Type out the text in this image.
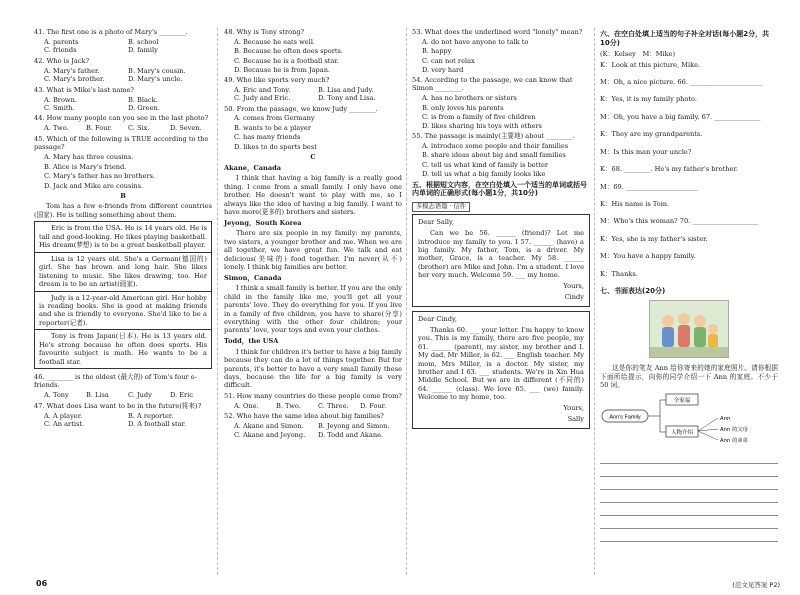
41. The first one is a photo of Mary's ________.

A. parents	B. school
C. friends	D. family

42. Who is Jack?

A. Mary's father.	B. Mary's cousin.
C. Mary's brother.	D. Mary's uncle.

43. What is Mike's last name?

A. Brown.	B. Black.
C. Smith.	D. Green.

44. How many people can you see in the last photo?

A. Two.	B. Four.	C. Six.	D. Seven.

45. Which of the following is TRUE according to the passage?

A. Mary has three cousins.
B. Alice is Mary's friend.
C. Mary's father has no brothers.
D. Jack and Mike are cousins.
B

Tom has a few e-friends from different countries (国家). He is telling something about them.

Eric is from the USA. He is 14 years old. He is tall and good-looking. He likes playing basketball. His dream(梦想) is to be a great basketball player.
Lisa is 12 years old. She's a German(德国的) girl. She has brown and long hair. She likes listening to music. She likes drawing, too. Her dream is to be an artist(画家).
Judy is a 12-year-old American girl. Her hobby is reading books. She is good at making friends and she is friendly to everyone. She'd like to be a reporter(记者).
Tony is from Japan(日本). He is 13 years old. He's strong because he often does sports. His favourite subject is math. He wants to be a football star.

46. ________ is the oldest (最大的) of Tom's four e-friends.

A. Tony	B. Lisa	C. Judy	D. Eric

47. What does Lisa want to be in the future(将来)?

A. A player.	B. A reporter.
C. An artist.	D. A football star.

48. Why is Tony strong?

A. Because he eats well.
B. Because he often does sports.
C. Because he is a football star.
D. Because he is from Japan.

49. Who like sports very much?

A. Eric and Tony.	B. Lisa and Judy.
C. Judy and Eric.	D. Tony and Lisa.

50. From the passage, we know Judy ________.

A. comes from Germany
B. wants to be a player
C. has many friends
D. likes to do sports best
C

Akane，Canada

I think that having a big family is a really good thing. I come from a small family. I only have one brother. He doesn't want to play with me, so I always like the idea of having a big family. I want to have more(更多的) brothers and sisters.

Jeyong，South Korea

There are six people in my family: my parents, two sisters, a younger brother and me. When we are all together, we have great fun. We talk and eat delicious(美味的) food together. I'm never(从不) lonely. I think big families are better.

Simon，Canada

I think a small family is better. If you are the only child in the family like me, you'll get all your parents' love. They do everything for you. If you live in a family of five children, you have to share(分享) everything with the other four children; your parents' love, your toys and even your clothes.

Todd，the USA

I think for children it's better to have a big family because they can do a lot of things together. But for parents, it's better to have a very small family these days, because the life for a big family is very difficult.

51. How many countries do these people come from?

A. One.	B. Two.	C. Three.	D. Four.

52. Who have the same idea about big families?

A. Akane and Simon.	B. Jeyong and Simon.
C. Akane and Jeyong.	D. Todd and Akane.

53. What does the underlined word "lonely" mean?

A. do not have anyone to talk to
B. happy
C. can not relax
D. very hard

54. According to the passage, we can know that Simon ________.

A. has no brothers or sisters
B. only loves his parents
C. is from a family of five children
D. likes sharing his toys with others

55. The passage is mainly(主要地) about ________.

A. introduce some people and their families
B. share ideas about big and small families
C. tell us what kind of family is better
D. tell us what a big family looks like
五、根据短文内容，在空白处填入一个适当的单词或括号内单词的正确形式(每小题1分，共10分)
多模态语篇 · 信件

Dear Sally,

Can we be 56. ______ (friend)? Let me introduce my family to you. I 57. ______ (have) a big family. My father, Tom, is a driver. My mother, Grace, is a teacher. My 58. ______ (brother) are Mike and John. I'm a student. I love her very much. Welcome 59. ___ my home.

Yours,

Cindy

Dear Cindy,

Thanks 60. ___ your letter. I'm happy to know you. This is my family, there are five people, my 61. ______ (parent), my sister, my brother and I. My dad, Mr Miller, is 62. ___ English teacher. My mom, Mrs Miller, is a doctor. My sister, my brother and I 63. ___ students. We're in Xin Hua Middle School. But we are in different (不同的) 64. ______ (class). We love 65. ___ (we) family. Welcome to my home, too.

Yours,

Sally

六、在空白处填上适当的句子补全对话(每小题2分，共10分)

(K：Kelsey　M：Mike)

K：Look at this picture, Mike.

M：Oh, a nice picture. 66. ______________________

K：Yes, it is my family photo.

M：Oh, you have a big family. 67. ______________

K：They are my grandparents.

M：Is this man your uncle?

K：68. ________. He's my father's brother.

M：69. ______________________

K：His name is Tom.

M：Who's this woman? 70. ____________________

K：Yes, she is my father's sister.

M：You have a happy family.

K：Thanks.

七、书面表达(20分)

这是你的笔友 Ann 给你寄来的她的家庭照片。请你根据下面所给提示，向你的同学介绍一下 Ann 的家庭。不少于 50 词。

Ann's Family
全家福
人物介绍
Ann
Ann 的父母
Ann 的弟弟
06	(范文见答案 P2)
